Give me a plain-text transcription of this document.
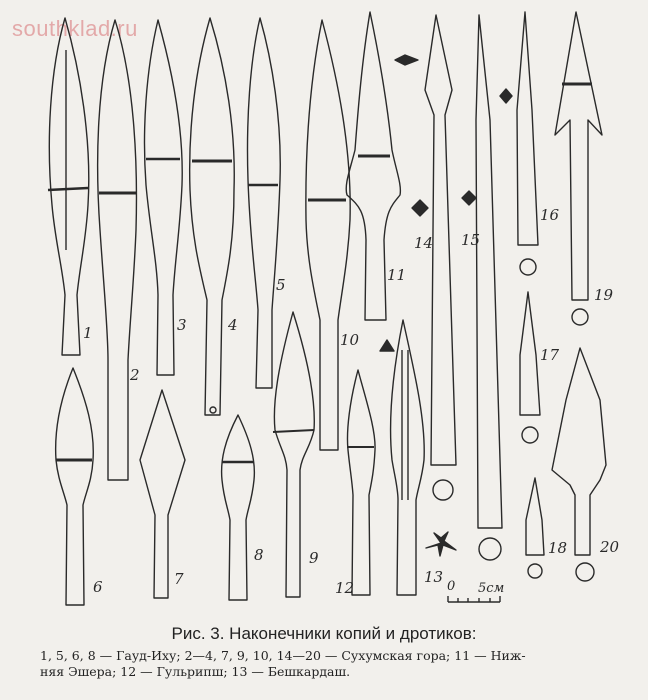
southklad.ru
1
2
3	4
5
6	7
8	9
10
11
12
13
14 15
16
17
18
19
20
0 5см
Рис. 3. Наконечники копий и дротиков:
1, 5, 6, 8 — Гауд-Иху; 2—4, 7, 9, 10, 14—20 — Сухумская гора; 11 — Ниж-
няя Эшера; 12 — Гульрипш; 13 — Бешкардаш.
